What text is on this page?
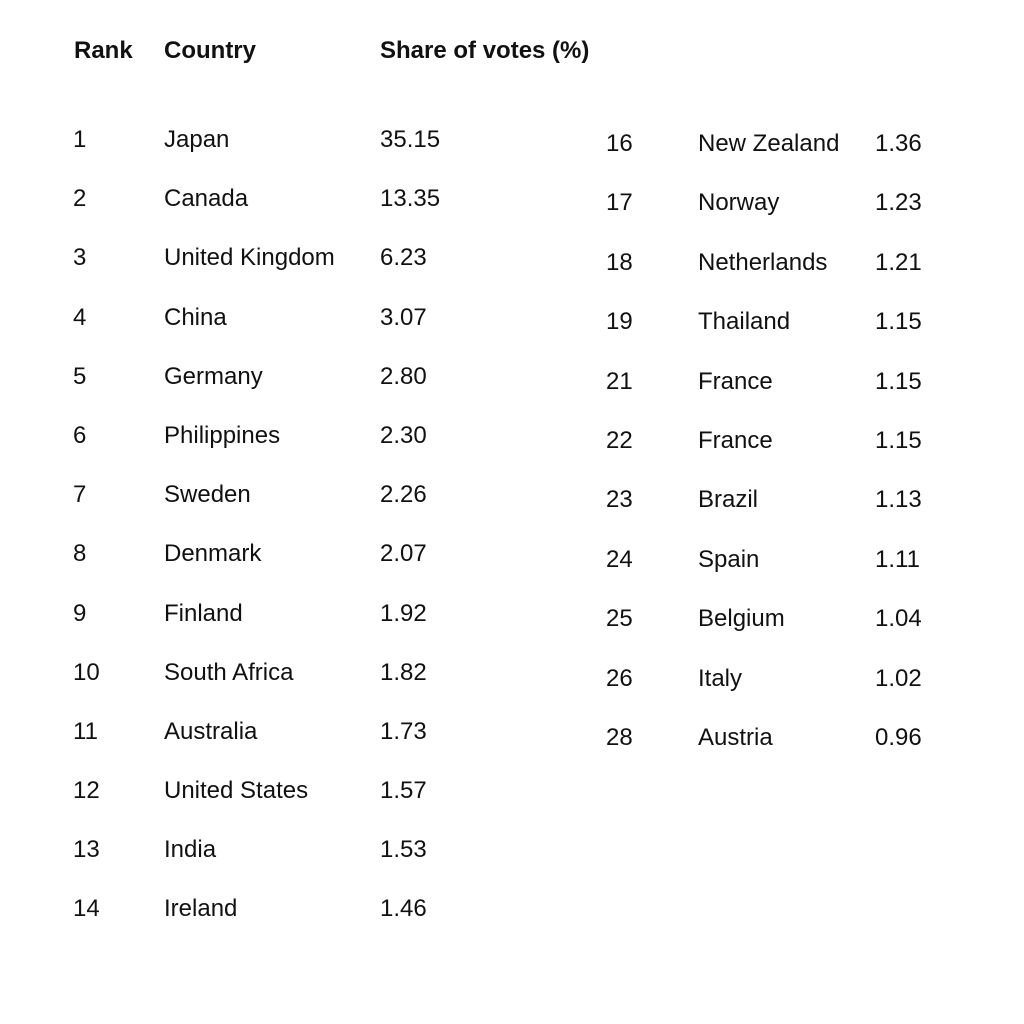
Rank Country	Share of votes (%)
1	Japan	35.15
2	Canada	13.35
3	United Kingdom 6.23
4	China	3.07
5	Germany	2.80
6	Philippines	2.30
7	Sweden	2.26
8	Denmark	2.07
9	Finland	1.92
10	South Africa	1.82
11	Australia	1.73
12	United States	1.57
13	India	1.53
14	Ireland	1.46
16	New Zealand 1.36
17	Norway	1.23
18	Netherlands 1.21
19	Thailand	1.15
21	France	1.15
22	France	1.15
23	Brazil	1.13
24	Spain	1.11
25	Belgium	1.04
26	Italy	1.02
28	Austria	0.96
